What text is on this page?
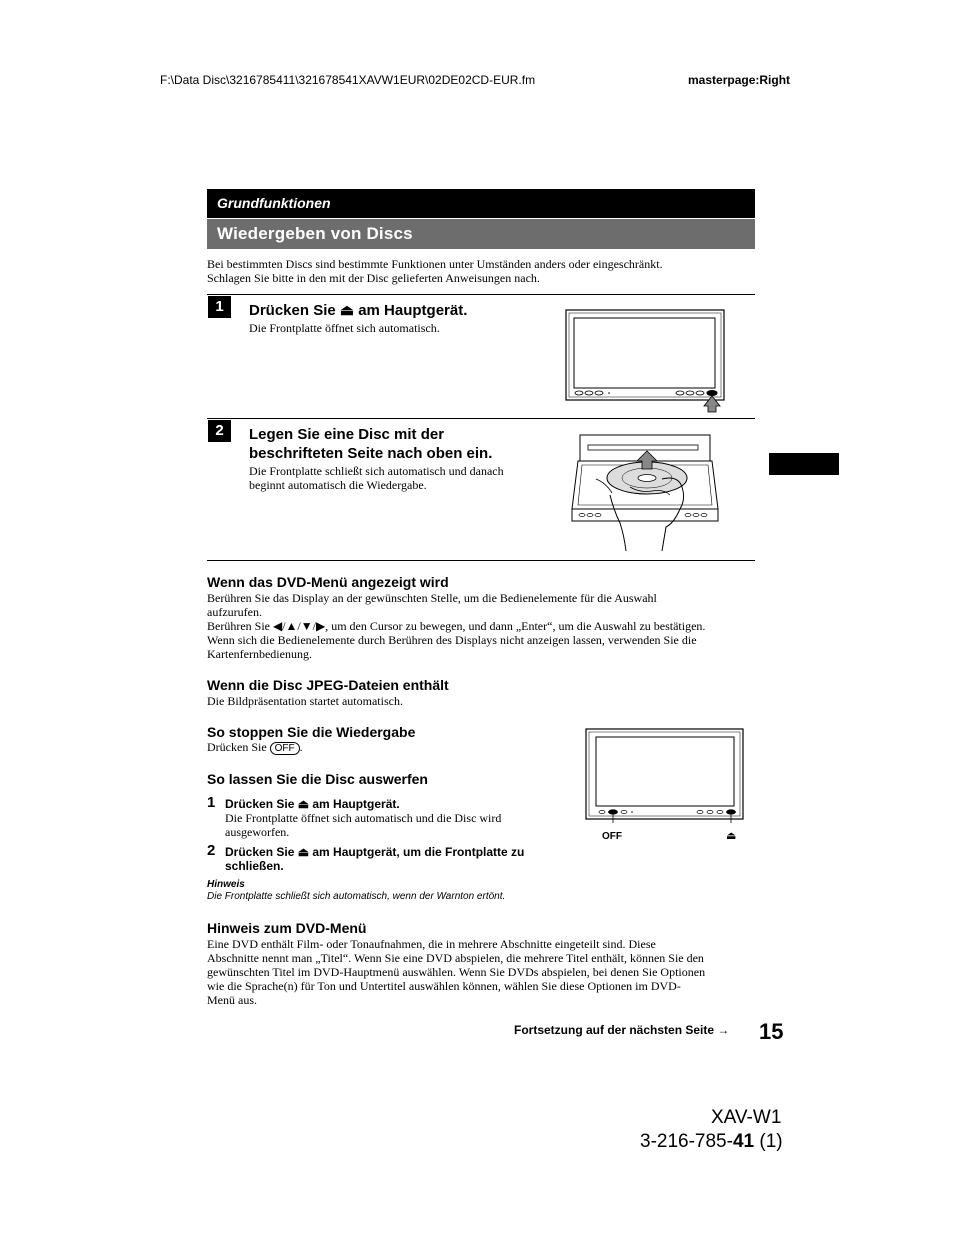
F:\Data Disc\3216785411\321678541XAVW1EUR\02DE02CD-EUR.fm	masterpage:Right
Grundfunktionen
Wiedergeben von Discs
Bei bestimmten Discs sind bestimmte Funktionen unter Umständen anders oder eingeschränkt.
Schlagen Sie bitte in den mit der Disc gelieferten Anweisungen nach.
1	Drücken Sie ⏏ am Hauptgerät.
Die Frontplatte öffnet sich automatisch.
2	Legen Sie eine Disc mit der
beschrifteten Seite nach oben ein.
Die Frontplatte schließt sich automatisch und danach
beginnt automatisch die Wiedergabe.
Wenn das DVD-Menü angezeigt wird
Berühren Sie das Display an der gewünschten Stelle, um die Bedienelemente für die Auswahl
aufzurufen.
Berühren Sie ◀/▲/▼/▶, um den Cursor zu bewegen, und dann „Enter“, um die Auswahl zu bestätigen.
Wenn sich die Bedienelemente durch Berühren des Displays nicht anzeigen lassen, verwenden Sie die
Kartenfernbedienung.
Wenn die Disc JPEG-Dateien enthält
Die Bildpräsentation startet automatisch.
So stoppen Sie die Wiedergabe
Drücken Sie OFF .
So lassen Sie die Disc auswerfen
1 Drücken Sie ⏏ am Hauptgerät.
Die Frontplatte öffnet sich automatisch und die Disc wird
ausgeworfen.
2 Drücken Sie ⏏ am Hauptgerät, um die Frontplatte zu
schließen.
Hinweis
Die Frontplatte schließt sich automatisch, wenn der Warnton ertönt.
OFF	⏏
Hinweis zum DVD-Menü
Eine DVD enthält Film- oder Tonaufnahmen, die in mehrere Abschnitte eingeteilt sind. Diese
Abschnitte nennt man „Titel“. Wenn Sie eine DVD abspielen, die mehrere Titel enthält, können Sie den
gewünschten Titel im DVD-Hauptmenü auswählen. Wenn Sie DVDs abspielen, bei denen Sie Optionen
wie die Sprache(n) für Ton und Untertitel auswählen können, wählen Sie diese Optionen im DVD-
Menü aus.
Fortsetzung auf der nächsten Seite → 15
XAV-W1
3-216-785-41 (1)
